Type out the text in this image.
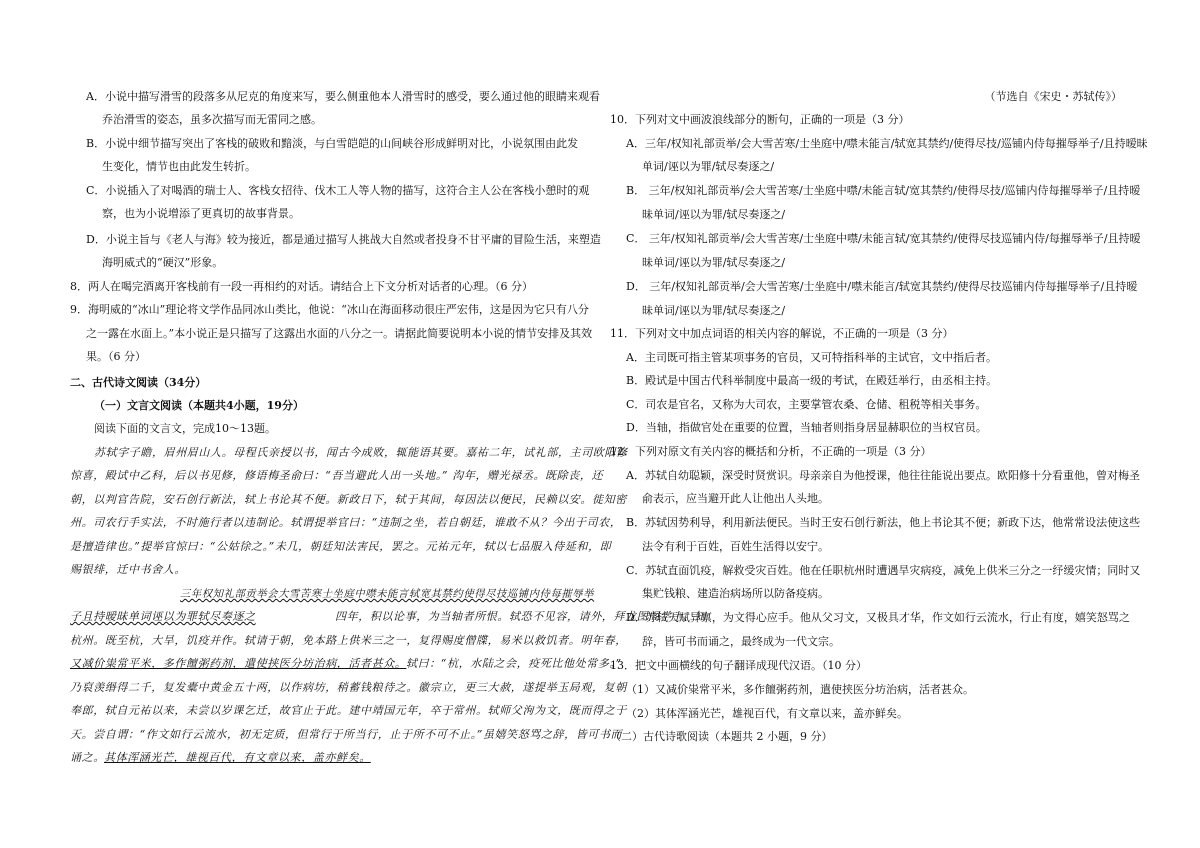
A．小说中描写滑雪的段落多从尼克的角度来写，要么侧重他本人滑雪时的感受，要么通过他的眼睛来观看
乔治滑雪的姿态，虽多次描写而无雷同之感。
B．小说中细节描写突出了客栈的破败和黯淡，与白雪皑皑的山间峡谷形成鲜明对比，小说氛围由此发
生变化，情节也由此发生转折。
C．小说插入了对喝酒的瑞士人、客栈女招待、伐木工人等人物的描写，这符合主人公在客栈小憩时的观
察，也为小说增添了更真切的故事背景。
D．小说主旨与《老人与海》较为接近，都是通过描写人挑战大自然或者投身不甘平庸的冒险生活，来塑造
海明威式的“硬汉”形象。
8．两人在喝完酒离开客栈前有一段一再相约的对话。请结合上下文分析对话者的心理。（6 分）
9．海明威的“冰山”理论将文学作品同冰山类比，他说：“冰山在海面移动很庄严宏伟，这是因为它只有八分
之一露在水面上。”本小说正是只描写了这露出水面的八分之一。请据此简要说明本小说的情节安排及其效
果。（6 分）
二、古代诗文阅读（34分）
（一）文言文阅读（本题共4小题，19分）
阅读下面的文言文，完成10～13题。
苏轼字子瞻，眉州眉山人。母程氏亲授以书，闻古今成败，辄能语其要。嘉祐二年，试礼部，主司欧阳修
惊喜，殿试中乙科，后以书见修，修语梅圣俞曰：“吾当避此人出一头地。” 沟年，赠光禄丞。既除丧，还
朝，以判官告院，安石创行新法，轼上书论其不便。新政日下，轼于其间，每因法以便民，民赖以安。徙知密
州。司农行手实法，不时施行者以违制论。轼谓提举官曰：“违制之坐，若自朝廷，谁敢不从？今出于司农，
是擅造律也。”提举官惊曰：“公姑徐之。”未几，朝廷知法害民，罢之。元祐元年，轼以七品服入侍延和，即
赐银绯，迁中书舍人。
三年权知礼部贡举会大雪苦寒士坐庭中噤未能言轼宽其禁约使得尽技巡铺内侍每摧辱举
子且持暧昧单词诬以为罪轼尽奏逐之	四年，积以论事，为当轴者所恨。轼恐不见容，请外，拜龙图阁学士、知
杭州。既至杭，大旱，饥疫并作。轼请于朝，免本路上供米三之一，复得赐度僧牒，易米以救饥者。明年春，
又减价粜常平米，多作饘粥药剂，遣使挟医分坊治病，活者甚众。 轼曰：“杭，水陆之会，疫死比他处常多。”
乃裒羡缗得二千，复发橐中黄金五十两，以作病坊，稍蓄钱粮待之。徽宗立，更三大赦，遂提举玉局观，复朝
奉郎，轼自元祐以来，未尝以岁课乞迁，故官止于此。建中靖国元年，卒于常州。轼师父洵为文，既而得之于
天。尝自谓：“作文如行云流水，初无定质，但常行于所当行，止于所不可不止。”虽嬉笑怒骂之辞，皆可书而
诵之。 其体浑涵光芒，雄视百代，有文章以来，盖亦鲜矣。
（节选自《宋史・苏轼传》）
10．下列对文中画波浪线部分的断句，正确的一项是（3 分）
A．三年/权知礼部贡举/会大雪苦寒/士坐庭中/噤未能言/轼宽其禁约/使得尽技/巡铺内侍每摧辱举子/且持暧昧
单词/诬以为罪/轼尽奏逐之/
B． 三年/权知礼部贡举/会大雪苦寒/士坐庭中噤/未能言轼/宽其禁约/使得尽技/巡铺内侍每摧辱举子/且持暧
昧单词/诬以为罪/轼尽奏逐之/
C． 三年/权知礼部贡举/会大雪苦寒/士坐庭中噤/未能言轼/宽其禁约/使得尽技巡铺内侍/每摧辱举子/且持暧
昧单词/诬以为罪/轼尽奏逐之/
D． 三年/权知礼部贡举/会大雪苦寒/士坐庭中/噤未能言/轼宽其禁约/使得尽技巡铺内侍每摧辱举子/且持暧
昧单词/诬以为罪/轼尽奏逐之/
11．下列对文中加点词语的相关内容的解说，不正确的一项是（3 分）
A．主司既可指主管某项事务的官员，又可特指科举的主试官，文中指后者。
B．殿试是中国古代科举制度中最高一级的考试，在殿廷举行，由丞相主持。
C．司农是官名，又称为大司农，主要掌管农桑、仓储、租税等相关事务。
D．当轴，指做官处在重要的位置，当轴者则指身居显赫职位的当权官员。
12．下列对原文有关内容的概括和分析，不正确的一项是（3 分）
A．苏轼自幼聪颖，深受时贤赏识。母亲亲自为他授课，他往往能说出要点。欧阳修十分看重他，曾对梅圣
俞表示，应当避开此人让他出人头地。
B．苏轼因势利导，利用新法便民。当时王安石创行新法，他上书论其不便；新政下达，他常常设法使这些
法令有利于百姓，百姓生活得以安宁。
C．苏轼直面饥疫，解救受灾百姓。他在任职杭州时遭遇旱灾病疫，减免上供米三分之一纾缓灾情；同时又
集贮钱粮、建造治病场所以防备疫病。
D．苏轼天赋异禀，为文得心应手。他从父习文，又极具才华，作文如行云流水，行止有度，嬉笑怒骂之
辞，皆可书而诵之，最终成为一代文宗。
13．把文中画横线的句子翻译成现代汉语。（10 分）
（1）又减价粜常平米，多作饘粥药剂，遣使挟医分坊治病，活者甚众。
（2）其体浑涵光芒，雄视百代，有文章以来，盖亦鲜矣。
（二）古代诗歌阅读（本题共 2 小题，9 分）
